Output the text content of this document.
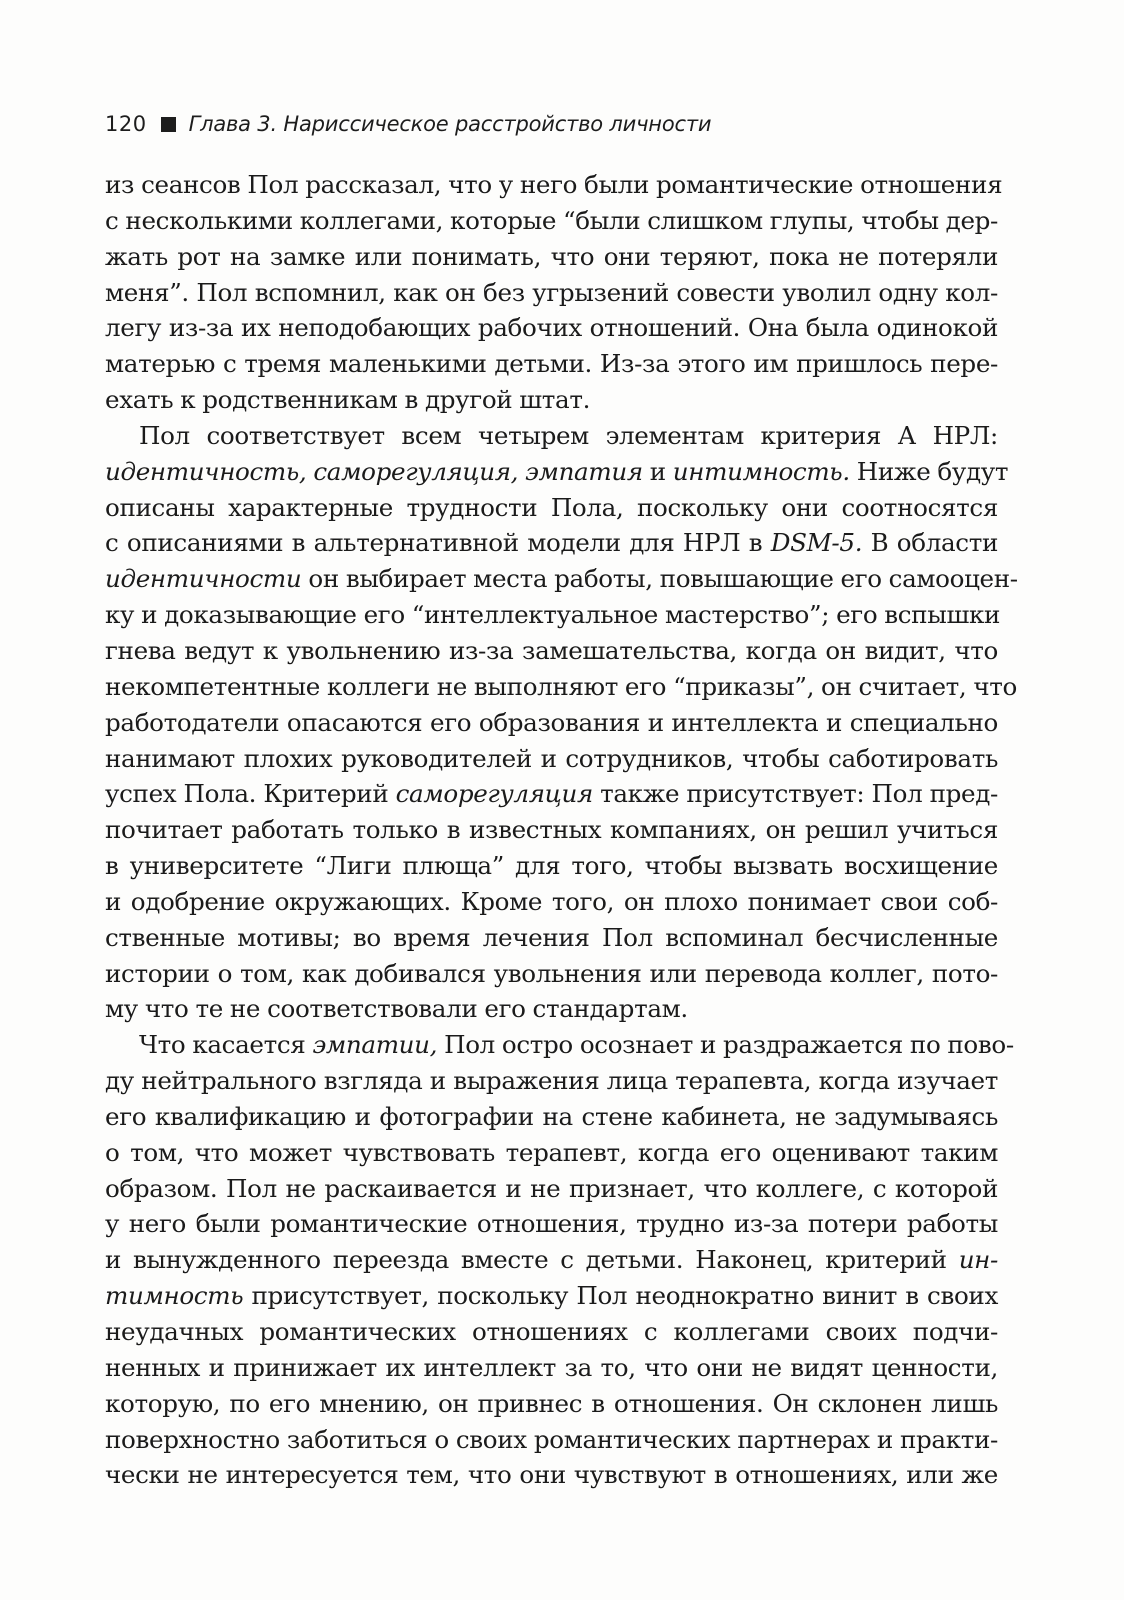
120 Глава 3. Нариссическое расстройство личности
из сеансов Пол рассказал, что у него были романтические отношения
с несколькими коллегами, которые “были слишком глупы, чтобы дер-
жать рот на замке или понимать, что они теряют, пока не потеряли
меня”. Пол вспомнил, как он без угрызений совести уволил одну кол-
легу из-за их неподобающих рабочих отношений. Она была одинокой
матерью с тремя маленькими детьми. Из-за этого им пришлось пере-
ехать к родственникам в другой штат.
Пол соответствует всем четырем элементам критерия А НРЛ:
идентичность, саморегуляция, эмпатия и интимность. Ниже будут
описаны характерные трудности Пола, поскольку они соотносятся
с описаниями в альтернативной модели для НРЛ в DSM-5. В области
идентичности он выбирает места работы, повышающие его самооцен-
ку и доказывающие его “интеллектуальное мастерство”; его вспышки
гнева ведут к увольнению из-за замешательства, когда он видит, что
некомпетентные коллеги не выполняют его “приказы”, он считает, что
работодатели опасаются его образования и интеллекта и специально
нанимают плохих руководителей и сотрудников, чтобы саботировать
успех Пола. Критерий саморегуляция также присутствует: Пол пред-
почитает работать только в известных компаниях, он решил учиться
в университете “Лиги плюща” для того, чтобы вызвать восхищение
и одобрение окружающих. Кроме того, он плохо понимает свои соб-
ственные мотивы; во время лечения Пол вспоминал бесчисленные
истории о том, как добивался увольнения или перевода коллег, пото-
му что те не соответствовали его стандартам.
Что касается эмпатии, Пол остро осознает и раздражается по пово-
ду нейтрального взгляда и выражения лица терапевта, когда изучает
его квалификацию и фотографии на стене кабинета, не задумываясь
о том, что может чувствовать терапевт, когда его оценивают таким
образом. Пол не раскаивается и не признает, что коллеге, с которой
у него были романтические отношения, трудно из-за потери работы
и вынужденного переезда вместе с детьми. Наконец, критерий ин-
тимность присутствует, поскольку Пол неоднократно винит в своих
неудачных романтических отношениях с коллегами своих подчи-
ненных и принижает их интеллект за то, что они не видят ценности,
которую, по его мнению, он привнес в отношения. Он склонен лишь
поверхностно заботиться о своих романтических партнерах и практи-
чески не интересуется тем, что они чувствуют в отношениях, или же
